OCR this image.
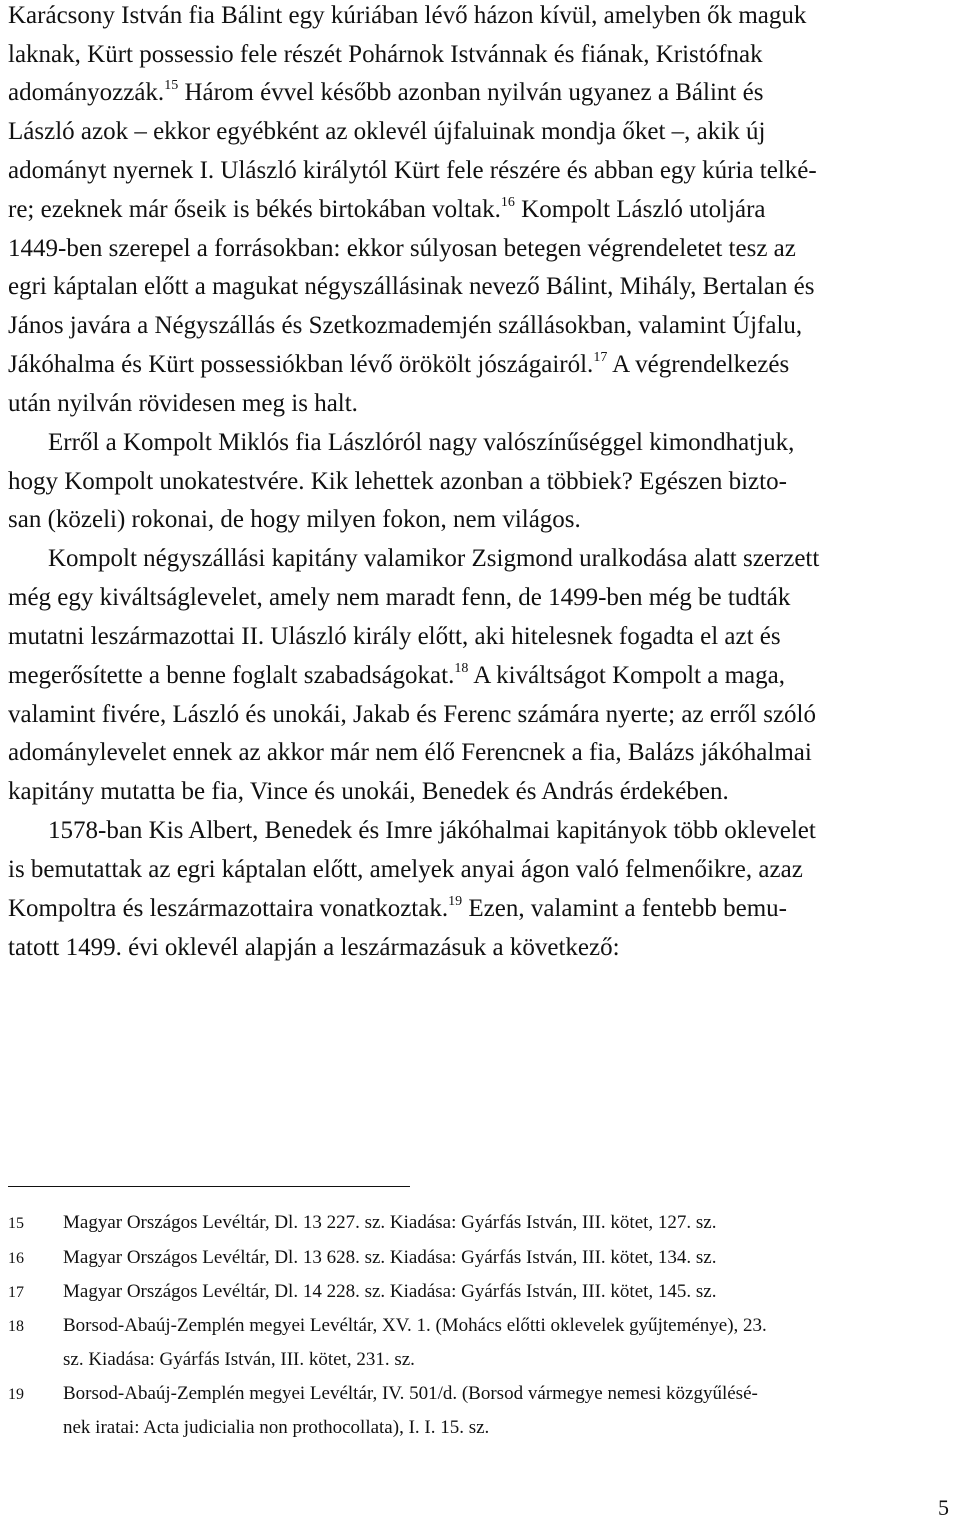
Karácsony István fia Bálint egy kúriában lévő házon kívül, amelyben ők maguk
laknak, Kürt possessio fele részét Pohárnok Istvánnak és fiának, Kristófnak
adományozzák.$^{15}$ Három évvel később azonban nyilván ugyanez a Bálint és
László azok – ekkor egyébként az oklevél újfaluinak mondja őket –, akik új
adományt nyernek I. Ulászló királytól Kürt fele részére és abban egy kúria telké-
re; ezeknek már őseik is békés birtokában voltak.$^{16}$ Kompolt László utoljára
1449-ben szerepel a forrásokban: ekkor súlyosan betegen végrendeletet tesz az
egri káptalan előtt a magukat négyszállásinak nevező Bálint, Mihály, Bertalan és
János javára a Négyszállás és Szetkozmademjén szállásokban, valamint Újfalu,
Jákóhalma és Kürt possessiókban lévő örökölt jószágairól.$^{17}$ A végrendelkezés
után nyilván rövidesen meg is halt.
Erről a Kompolt Miklós fia Lászlóról nagy valószínűséggel kimondhatjuk,
hogy Kompolt unokatestvére. Kik lehettek azonban a többiek? Egészen bizto-
san (közeli) rokonai, de hogy milyen fokon, nem világos.
Kompolt négyszállási kapitány valamikor Zsigmond uralkodása alatt szerzett
még egy kiváltságlevelet, amely nem maradt fenn, de 1499-ben még be tudták
mutatni leszármazottai II. Ulászló király előtt, aki hitelesnek fogadta el azt és
megerősítette a benne foglalt szabadságokat.$^{18}$ A kiváltságot Kompolt a maga,
valamint fivére, László és unokái, Jakab és Ferenc számára nyerte; az erről szóló
adománylevelet ennek az akkor már nem élő Ferencnek a fia, Balázs jákóhalmai
kapitány mutatta be fia, Vince és unokái, Benedek és András érdekében.
1578-ban Kis Albert, Benedek és Imre jákóhalmai kapitányok több oklevelet
is bemutattak az egri káptalan előtt, amelyek anyai ágon való felmenőikre, azaz
Kompoltra és leszármazottaira vonatkoztak.$^{19}$ Ezen, valamint a fentebb bemu-
tatott 1499. évi oklevél alapján a leszármazásuk a következő:
15 Magyar Országos Levéltár, Dl. 13 227. sz. Kiadása: Gyárfás István, III. kötet, 127. sz.
16 Magyar Országos Levéltár, Dl. 13 628. sz. Kiadása: Gyárfás István, III. kötet, 134. sz.
17 Magyar Országos Levéltár, Dl. 14 228. sz. Kiadása: Gyárfás István, III. kötet, 145. sz.
18 Borsod-Abaúj-Zemplén megyei Levéltár, XV. 1. (Mohács előtti oklevelek gyűjteménye), 23.
sz. Kiadása: Gyárfás István, III. kötet, 231. sz.
19 Borsod-Abaúj-Zemplén megyei Levéltár, IV. 501/d. (Borsod vármegye nemesi közgyűlésé-
nek iratai: Acta judicialia non prothocollata), I. I. 15. sz.
5
